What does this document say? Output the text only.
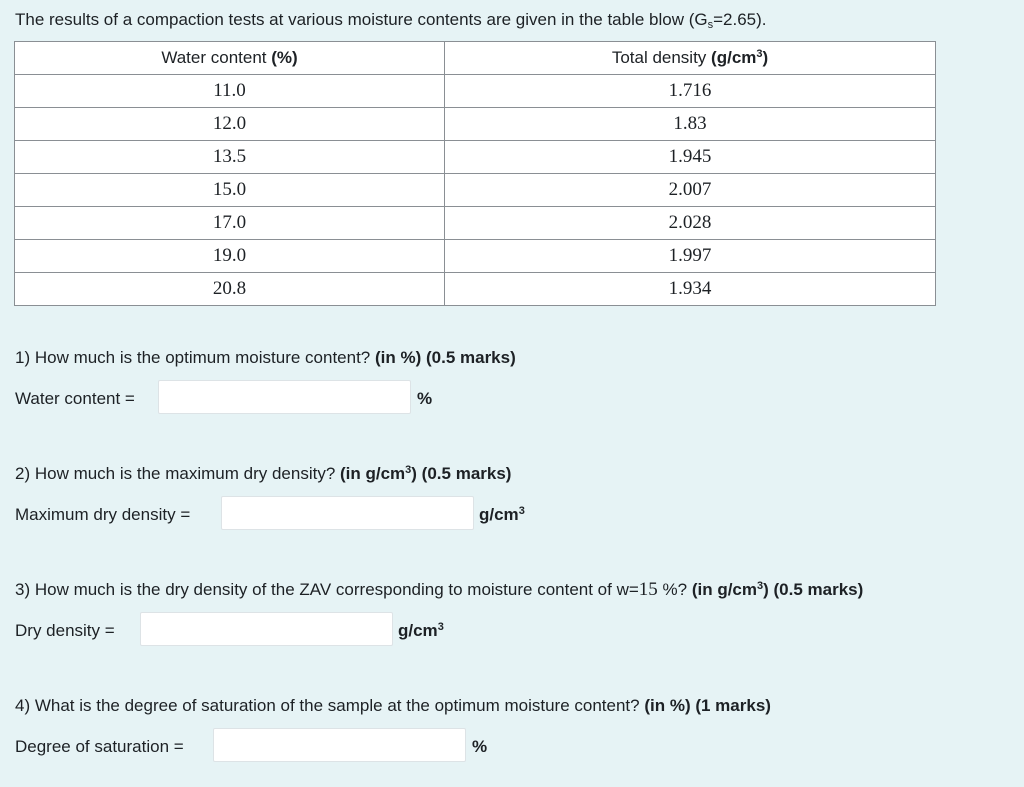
The results of a compaction tests at various moisture contents are given in the table blow $(G_s=2.65)$.
Water content (%)	Total density $(g/cm^3)$
11.0	1.716
12.0	1.83
13.5	1.945
15.0	2.007
17.0	2.028
19.0	1.997
20.8	1.934
1) How much is the optimum moisture content? (in %) (0.5 marks)
Water content =	%
2) How much is the maximum dry density? (in $g/cm^3$) (0.5 marks)
Maximum dry density =	$g/cm^3$
3) How much is the dry density of the ZAV corresponding to moisture content of w=15 %? (in $g/cm^3$) (0.5 marks)
Dry density =	$g/cm^3$
4) What is the degree of saturation of the sample at the optimum moisture content? (in %) (1 marks)
Degree of saturation =	%
